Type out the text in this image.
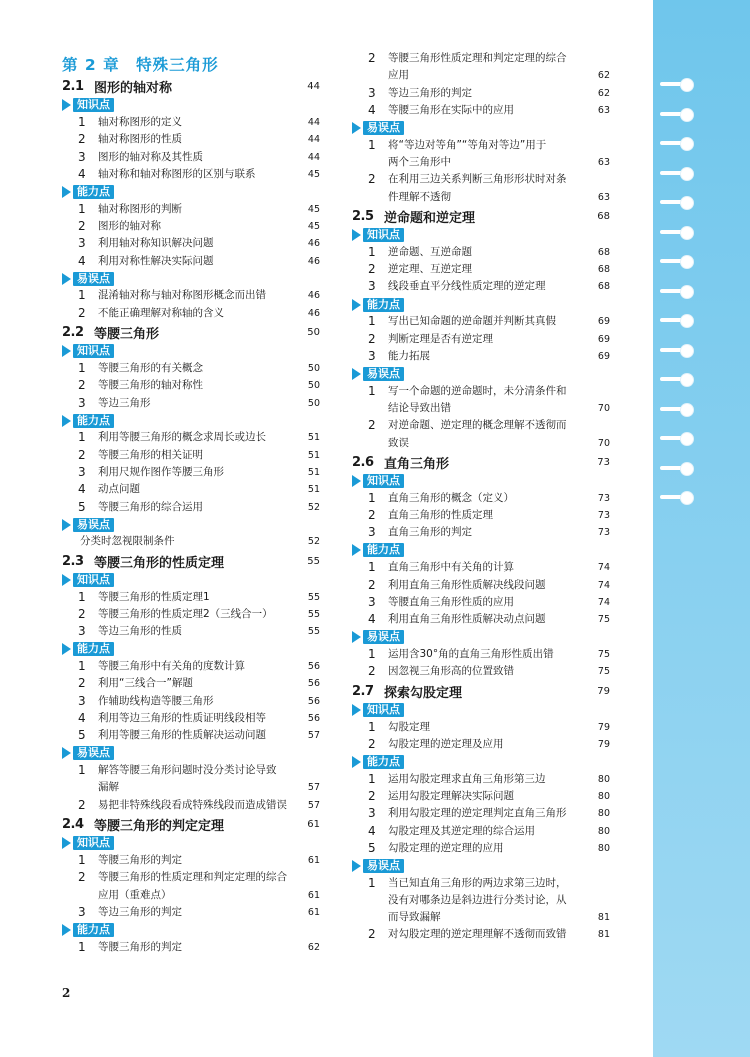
第 2 章　特殊三角形
2.1 图形的轴对称	44
知识点
1	轴对称图形的定义	44
2	轴对称图形的性质	44
3	图形的轴对称及其性质	44
4	轴对称和轴对称图形的区别与联系	45
能力点
1	轴对称图形的判断	45
2	图形的轴对称	45
3	利用轴对称知识解决问题	46
4	利用对称性解决实际问题	46
易误点
1	混淆轴对称与轴对称图形概念而出错	46
2	不能正确理解对称轴的含义	46
2.2 等腰三角形	50
知识点
1	等腰三角形的有关概念	50
2	等腰三角形的轴对称性	50
3	等边三角形	50
能力点
1	利用等腰三角形的概念求周长或边长	51
2	等腰三角形的相关证明	51
3	利用尺规作图作等腰三角形	51
4	动点问题	51
5	等腰三角形的综合运用	52
易误点
分类时忽视限制条件	52
2.3 等腰三角形的性质定理	55
知识点
1	等腰三角形的性质定理1	55
2	等腰三角形的性质定理2（三线合一）	55
3	等边三角形的性质	55
能力点
1	等腰三角形中有关角的度数计算	56
2	利用“三线合一”解题	56
3	作辅助线构造等腰三角形	56
4	利用等边三角形的性质证明线段相等	56
5	利用等腰三角形的性质解决运动问题	57
易误点
1	解答等腰三角形问题时没分类讨论导致
漏解	57
2	易把非特殊线段看成特殊线段而造成错误	57
2.4 等腰三角形的判定定理	61
知识点
1	等腰三角形的判定	61
2	等腰三角形的性质定理和判定定理的综合
应用（重难点）	61
3	等边三角形的判定	61
能力点
1	等腰三角形的判定	62
2	等腰三角形性质定理和判定定理的综合
应用	62
3	等边三角形的判定	62
4	等腰三角形在实际中的应用	63
易误点
1	将“等边对等角”“等角对等边”用于
两个三角形中	63
2	在利用三边关系判断三角形形状时对条
件理解不透彻	63
2.5 逆命题和逆定理	68
知识点
1	逆命题、互逆命题	68
2	逆定理、互逆定理	68
3	线段垂直平分线性质定理的逆定理	68
能力点
1	写出已知命题的逆命题并判断其真假	69
2	判断定理是否有逆定理	69
3	能力拓展	69
易误点
1	写一个命题的逆命题时，未分清条件和
结论导致出错	70
2	对逆命题、逆定理的概念理解不透彻而
致误	70
2.6 直角三角形	73
知识点
1	直角三角形的概念（定义）	73
2	直角三角形的性质定理	73
3	直角三角形的判定	73
能力点
1	直角三角形中有关角的计算	74
2	利用直角三角形性质解决线段问题	74
3	等腰直角三角形性质的应用	74
4	利用直角三角形性质解决动点问题	75
易误点
1	运用含30°角的直角三角形性质出错	75
2	因忽视三角形高的位置致错	75
2.7 探索勾股定理	79
知识点
1	勾股定理	79
2	勾股定理的逆定理及应用	79
能力点
1	运用勾股定理求直角三角形第三边	80
2	运用勾股定理解决实际问题	80
3	利用勾股定理的逆定理判定直角三角形	80
4	勾股定理及其逆定理的综合运用	80
5	勾股定理的逆定理的应用	80
易误点
1	当已知直角三角形的两边求第三边时，
没有对哪条边是斜边进行分类讨论，从
而导致漏解	81
2	对勾股定理的逆定理理解不透彻而致错	81
2
